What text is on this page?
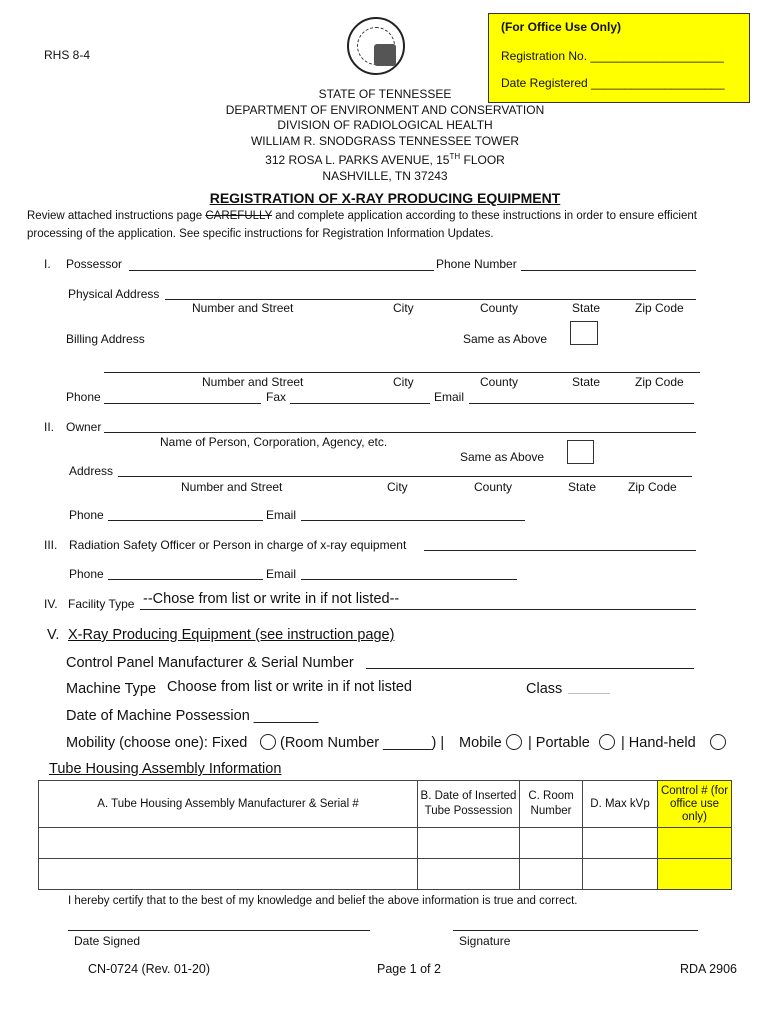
RHS 8-4
(For Office Use Only)
Registration No. ____________________
Date Registered ____________________
STATE OF TENNESSEE
DEPARTMENT OF ENVIRONMENT AND CONSERVATION
DIVISION OF RADIOLOGICAL HEALTH
WILLIAM R. SNODGRASS TENNESSEE TOWER
312 ROSA L. PARKS AVENUE, 15TH FLOOR
NASHVILLE, TN 37243
REGISTRATION OF X-RAY PRODUCING EQUIPMENT
Review attached instructions page CAREFULLY and complete application according to these instructions in order to ensure efficient
processing of the application. See specific instructions for Registration Information Updates.
I. Possessor	Phone Number
Physical Address
Number and Street	City	County	State	Zip Code
Billing Address	Same as Above
Number and Street	City	County	State	Zip Code
Phone	Fax	Email
II. Owner
Name of Person, Corporation, Agency, etc.
Same as Above
Address
Number and Street	City	County	State	Zip Code
Phone	Email
III. Radiation Safety Officer or Person in charge of x-ray equipment
Phone	Email
IV. Facility Type --Chose from list or write in if not listed--
V. X-Ray Producing Equipment (see instruction page)
Control Panel Manufacturer & Serial Number
Machine Type Choose from list or write in if not listed	Class
Date of Machine Possession ________
Mobility (choose one): Fixed (Room Number ______) | Mobile | Portable | Hand-held
Tube Housing Assembly Information
A. Tube Housing Assembly Manufacturer & Serial #	B. Date of Inserted Tube Possession	C. Room Number	D. Max kVp	Control # (for office use only)

I hereby certify that to the best of my knowledge and belief the above information is true and correct.
Date Signed	Signature
CN-0724 (Rev. 01-20)	Page 1 of 2	RDA 2906
